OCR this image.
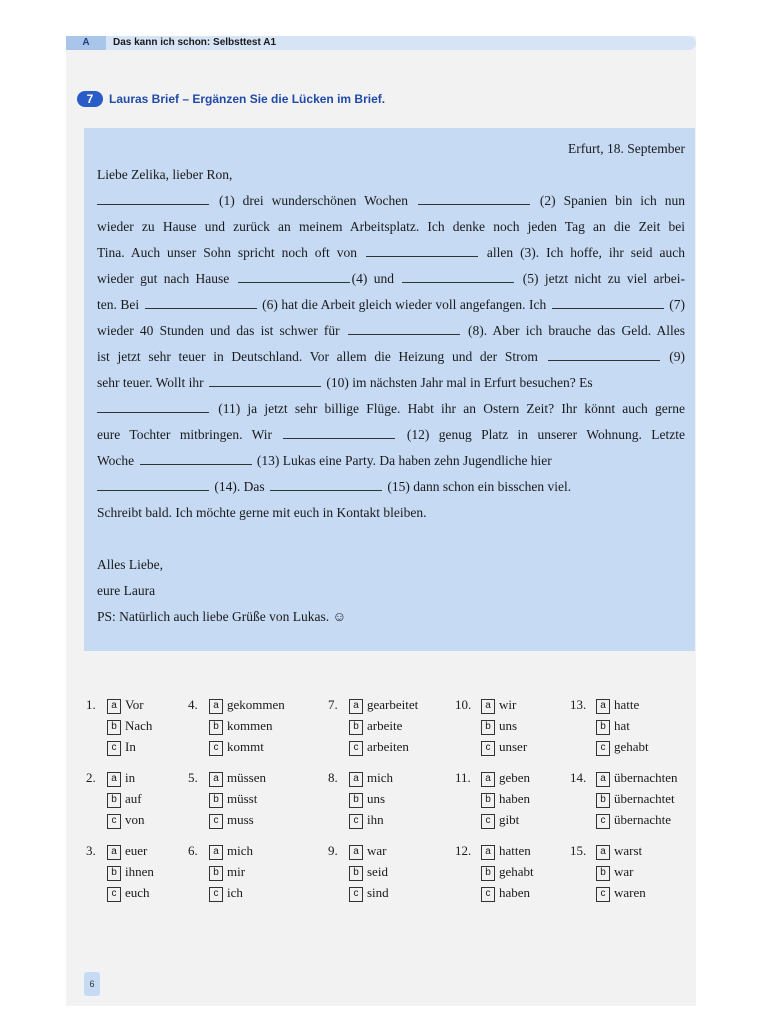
A	Das kann ich schon: Selbsttest A1
7	Lauras Brief – Ergänzen Sie die Lücken im Brief.
Erfurt, 18. September
Liebe Zelika, lieber Ron,
(1) drei wunderschönen Wochen	(2) Spanien bin ich nun
wieder zu Hause und zurück an meinem Arbeitsplatz. Ich denke noch jeden Tag an die Zeit bei
Tina. Auch unser Sohn spricht noch oft von	allen (3). Ich hoffe, ihr seid auch
wieder gut nach Hause	(4) und	(5) jetzt nicht zu viel arbei-
ten. Bei	(6) hat die Arbeit gleich wieder voll angefangen. Ich	(7)
wieder 40 Stunden und das ist schwer für	(8). Aber ich brauche das Geld. Alles
ist jetzt sehr teuer in Deutschland. Vor allem die Heizung und der Strom	(9)
sehr teuer. Wollt ihr	(10) im nächsten Jahr mal in Erfurt besuchen? Es
(11) ja jetzt sehr billige Flüge. Habt ihr an Ostern Zeit? Ihr könnt auch gerne
eure Tochter mitbringen. Wir	(12) genug Platz in unserer Wohnung. Letzte
Woche	(13) Lukas eine Party. Da haben zehn Jugendliche hier
(14). Das	(15) dann schon ein bisschen viel.
Schreibt bald. Ich möchte gerne mit euch in Kontakt bleiben.
Alles Liebe,
eure Laura
PS: Natürlich auch liebe Grüße von Lukas. ☺
1.	a Vor
b Nach
c In
2.	a in
b auf
c von
3.	a euer
b ihnen
c euch
4.	a gekommen
b kommen
c kommt
5.	a müssen
b müsst
c muss
6.	a mich
b mir
c ich
7.	a gearbeitet
b arbeite
c arbeiten
8.	a mich
b uns
c ihn
9.	a war
b seid
c sind
10.	a wir
b uns
c unser
11.	a geben
b haben
c gibt
12.	a hatten
b gehabt
c haben
13.	a hatte
b hat
c gehabt
14.	a übernachten
b übernachtet
c übernachte
15.	a warst
b war
c waren
6
